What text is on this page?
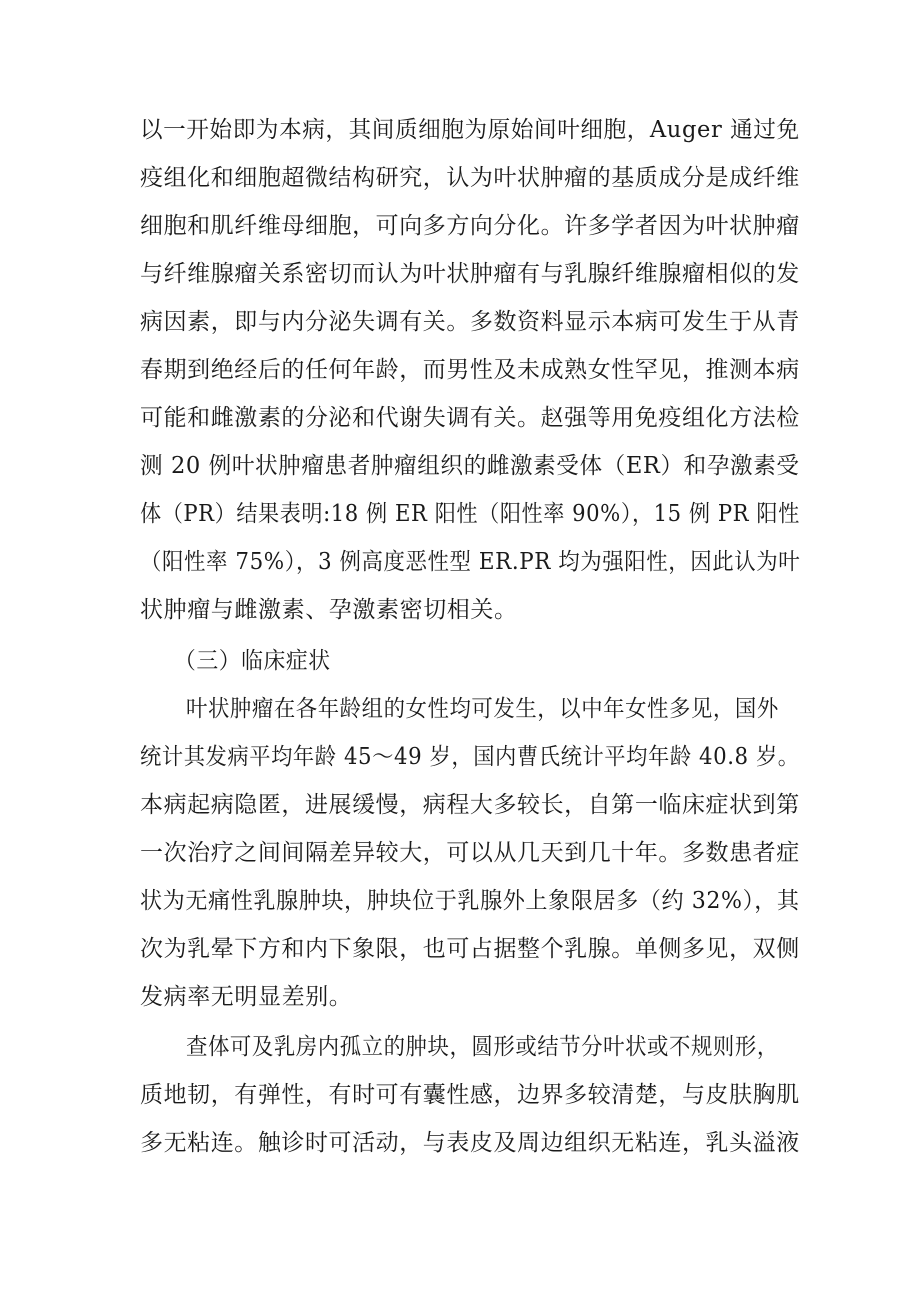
以一开始即为本病，其间质细胞为原始间叶细胞，Auger 通过免
疫组化和细胞超微结构研究，认为叶状肿瘤的基质成分是成纤维
细胞和肌纤维母细胞，可向多方向分化。许多学者因为叶状肿瘤
与纤维腺瘤关系密切而认为叶状肿瘤有与乳腺纤维腺瘤相似的发
病因素，即与内分泌失调有关。多数资料显示本病可发生于从青
春期到绝经后的任何年龄，而男性及未成熟女性罕见，推测本病
可能和雌激素的分泌和代谢失调有关。赵强等用免疫组化方法检
测 20 例叶状肿瘤患者肿瘤组织的雌激素受体（ER）和孕激素受
体（PR）结果表明:18 例 ER 阳性（阳性率 90%），15 例 PR 阳性
（阳性率 75%），3 例高度恶性型 ER.PR 均为强阳性，因此认为叶
状肿瘤与雌激素、孕激素密切相关。
（三）临床症状
叶状肿瘤在各年龄组的女性均可发生，以中年女性多见，国外
统计其发病平均年龄 45～49 岁，国内曹氏统计平均年龄 40.8 岁。
本病起病隐匿，进展缓慢，病程大多较长，自第一临床症状到第
一次治疗之间间隔差异较大，可以从几天到几十年。多数患者症
状为无痛性乳腺肿块，肿块位于乳腺外上象限居多（约 32%），其
次为乳晕下方和内下象限，也可占据整个乳腺。单侧多见，双侧
发病率无明显差别。
查体可及乳房内孤立的肿块，圆形或结节分叶状或不规则形，
质地韧，有弹性，有时可有囊性感，边界多较清楚，与皮肤胸肌
多无粘连。触诊时可活动，与表皮及周边组织无粘连，乳头溢液
